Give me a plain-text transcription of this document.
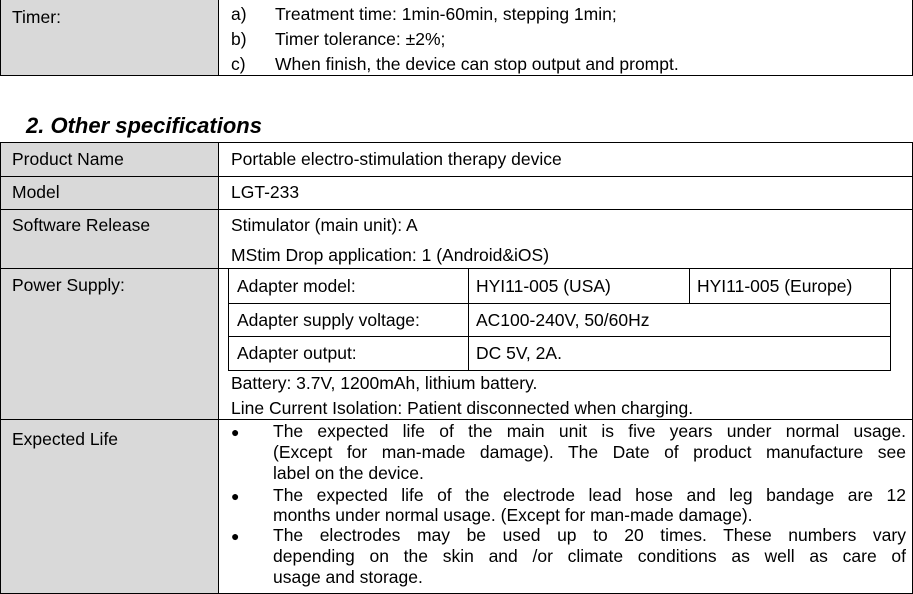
Timer:	a) Treatment time: 1min-60min, stepping 1min;
b) Timer tolerance: ±2%;
c) When finish, the device can stop output and prompt.
2. Other specifications
Product Name	Portable electro-stimulation therapy device
Model	LGT-233
Software Release	Stimulator (main unit): A
MStim Drop application: 1 (Android&iOS)
Power Supply:	Adapter model:	HYI11-005 (USA)	HYI11-005 (Europe)
Adapter supply voltage:	AC100-240V, 50/60Hz
Adapter output:	DC 5V, 2A.
Battery: 3.7V, 1200mAh, lithium battery.
Line Current Isolation: Patient disconnected when charging.
Expected Life	● The expected life of the main unit is five years under normal usage.
(Except for man-made damage). The Date of product manufacture see
label on the device.
● The expected life of the electrode lead hose and leg bandage are 12
months under normal usage. (Except for man-made damage).
● The electrodes may be used up to 20 times. These numbers vary
depending on the skin and /or climate conditions as well as care of
usage and storage.
